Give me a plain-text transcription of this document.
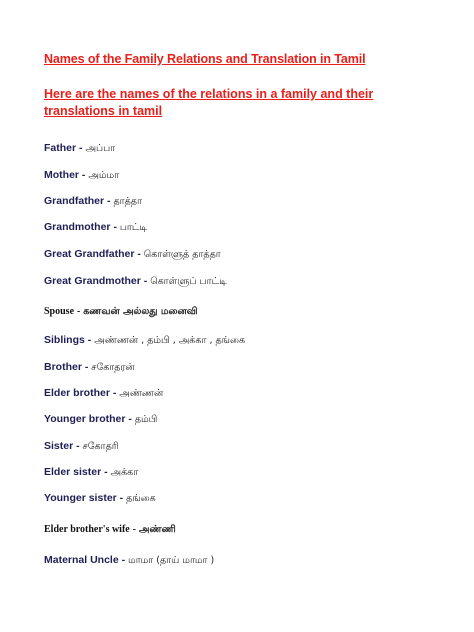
Names of the Family Relations and Translation in Tamil
Here are the names of the relations in a family and their translations in tamil
Father - அப்பா
Mother - அம்மா
Grandfather - தாத்தா
Grandmother - பாட்டி
Great Grandfather - கொள்ளுத் தாத்தா
Great Grandmother - கொள்ளுப் பாட்டி
Spouse - கணவன் அல்லது மனைவி
Siblings - அண்ணன் , தம்பி , அக்கா , தங்கை
Brother - சகோதரன்
Elder brother - அண்ணன்
Younger brother - தம்பி
Sister - சகோதரி
Elder sister - அக்கா
Younger sister - தங்கை
Elder brother's wife - அண்ணி
Maternal Uncle - மாமா (தாய் மாமா )
